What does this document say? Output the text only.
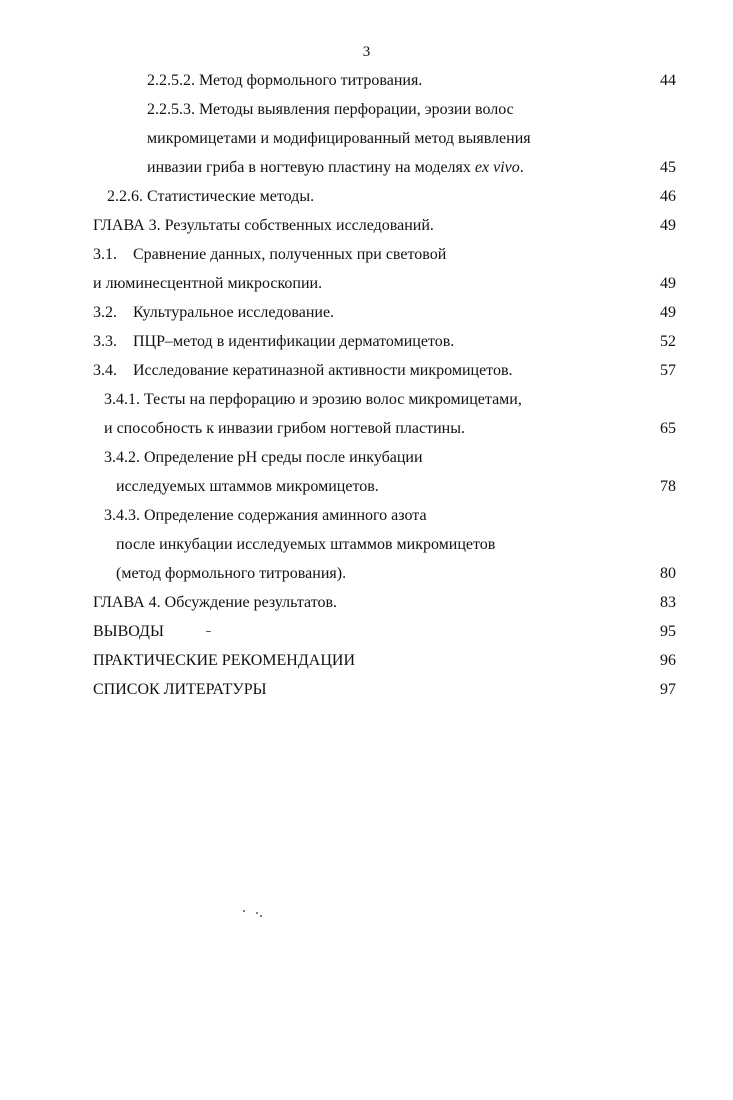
3
2.2.5.2. Метод формольного титрования.	44
2.2.5.3. Методы выявления перфорации, эрозии волос
микромицетами и модифицированный метод выявления
инвазии гриба в ногтевую пластину на моделях ex vivo.	45
2.2.6. Статистические методы.	46
ГЛАВА 3. Результаты собственных исследований.	49
3.1. Сравнение данных, полученных при световой
и люминесцентной микроскопии.	49
3.2. Культуральное исследование.	49
3.3. ПЦР–метод в идентификации дерматомицетов.	52
3.4. Исследование кератиназной активности микромицетов.	57
3.4.1. Тесты на перфорацию и эрозию волос микромицетами,
и способность к инвазии грибом ногтевой пластины.	65
3.4.2. Определение pH среды после инкубации
исследуемых штаммов микромицетов.	78
3.4.3. Определение содержания аминного азота
после инкубации исследуемых штаммов микромицетов
(метод формольного титрования).	80
ГЛАВА 4. Обсуждение результатов.	83
ВЫВОДЫ	95
ПРАКТИЧЕСКИЕ РЕКОМЕНДАЦИИ	96
СПИСОК ЛИТЕРАТУРЫ	97
